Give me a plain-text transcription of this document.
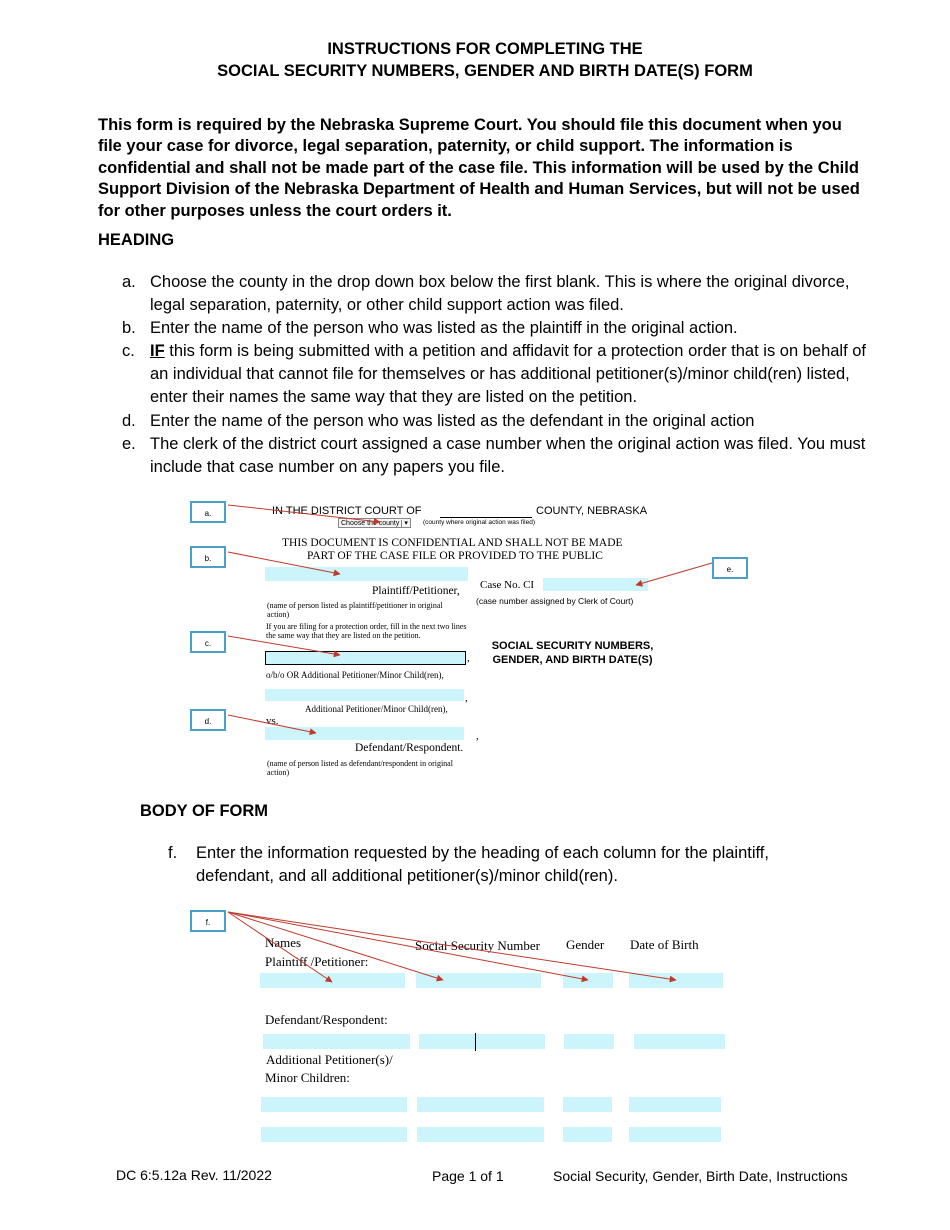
INSTRUCTIONS FOR COMPLETING THE
SOCIAL SECURITY NUMBERS, GENDER AND BIRTH DATE(S) FORM

This form is required by the Nebraska Supreme Court. You should file this document when you file your case for divorce, legal separation, paternity, or child support. The information is confidential and shall not be made part of the case file. This information will be used by the Child Support Division of the Nebraska Department of Health and Human Services, but will not be used for other purposes unless the court orders it.

HEADING
a. Choose the county in the drop down box below the first blank. This is where the original divorce, legal separation, paternity, or other child support action was filed.
b. Enter the name of the person who was listed as the plaintiff in the original action.
c. IF this form is being submitted with a petition and affidavit for a protection order that is on behalf of an individual that cannot file for themselves or has additional petitioner(s)/minor child(ren) listed, enter their names the same way that they are listed on the petition.
d. Enter the name of the person who was listed as the defendant in the original action
e. The clerk of the district court assigned a case number when the original action was filed. You must include that case number on any papers you file.
a.
b.
c.
d.
e.
IN THE DISTRICT COURT OF	COUNTY, NEBRASKA
Choose the county ▾	(county where original action was filed)
THIS DOCUMENT IS CONFIDENTIAL AND SHALL NOT BE MADE
PART OF THE CASE FILE OR PROVIDED TO THE PUBLIC
Plaintiff/Petitioner,
(name of person listed as plaintiff/petitioner in original action)
Case No. CI
(case number assigned by Clerk of Court)
If you are filing for a protection order, fill in the next two lines the same way that they are listed on the petition.
,
o/b/o OR Additional Petitioner/Minor Child(ren),
,
Additional Petitioner/Minor Child(ren),
vs.
,
Defendant/Respondent.
(name of person listed as defendant/respondent in original action)
SOCIAL SECURITY NUMBERS, GENDER, AND BIRTH DATE(S)
BODY OF FORM
f. Enter the information requested by the heading of each column for the plaintiff, defendant, and all additional petitioner(s)/minor child(ren).
f.
Names	Social Security Number Gender Date of Birth
Plaintiff /Petitioner:
Defendant/Respondent:
Additional Petitioner(s)/
Minor Children:
DC 6:5.12a Rev. 11/2022	Page 1 of 1	Social Security, Gender, Birth Date, Instructions
